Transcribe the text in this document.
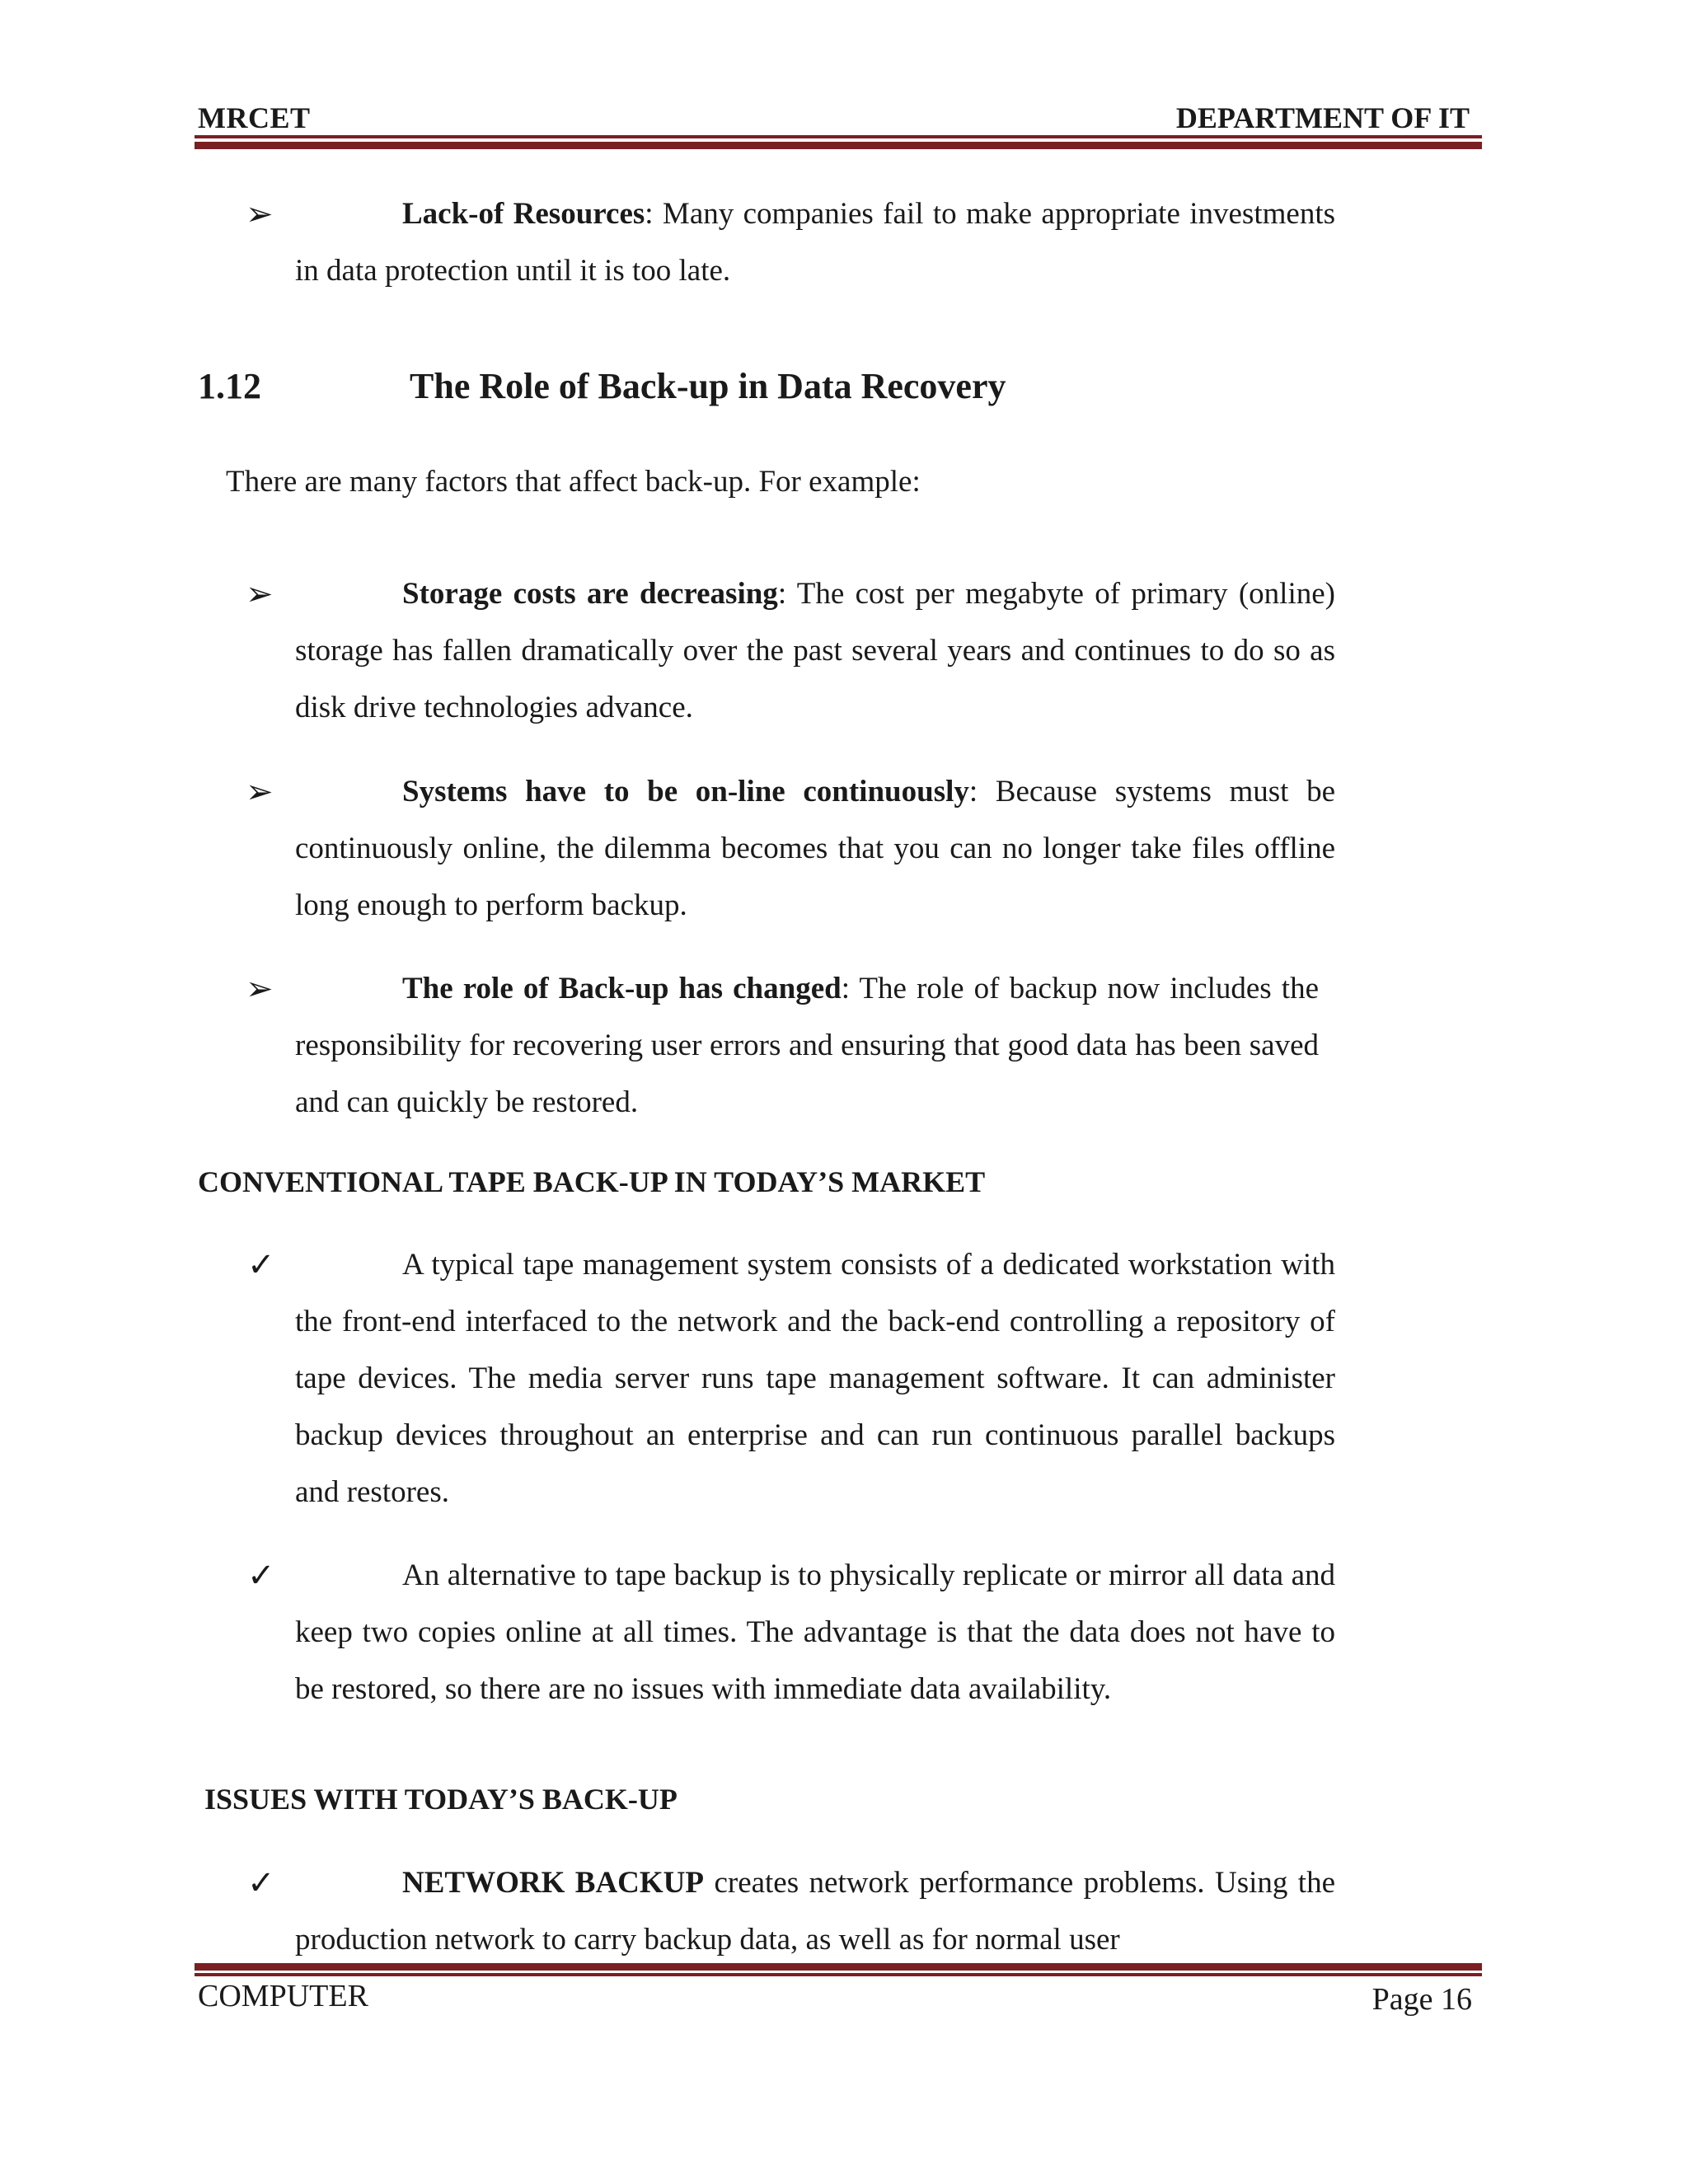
MRCET	DEPARTMENT OF IT
➢	Lack-of Resources: Many companies fail to make appropriate investments in data protection until it is too late.
1.12	The Role of Back-up in Data Recovery
There are many factors that affect back-up. For example:
➢	Storage costs are decreasing: The cost per megabyte of primary (online) storage has fallen dramatically over the past several years and continues to do so as disk drive technologies advance.
➢	Systems have to be on-line continuously: Because systems must be continuously online, the dilemma becomes that you can no longer take files offline long enough to perform backup.
➢	The role of Back-up has changed: The role of backup now includes the responsibility for recovering user errors and ensuring that good data has been saved and can quickly be restored.
CONVENTIONAL TAPE BACK-UP IN TODAY’S MARKET
✓	A typical tape management system consists of a dedicated workstation with the front-end interfaced to the network and the back-end controlling a repository of tape devices. The media server runs tape management software. It can administer backup devices throughout an enterprise and can run continuous parallel backups and restores.
✓	An alternative to tape backup is to physically replicate or mirror all data and keep two copies online at all times. The advantage is that the data does not have to be restored, so there are no issues with immediate data availability.
ISSUES WITH TODAY’S BACK-UP
✓	NETWORK BACKUP creates network performance problems. Using the production network to carry backup data, as well as for normal user
COMPUTER	Page 16
